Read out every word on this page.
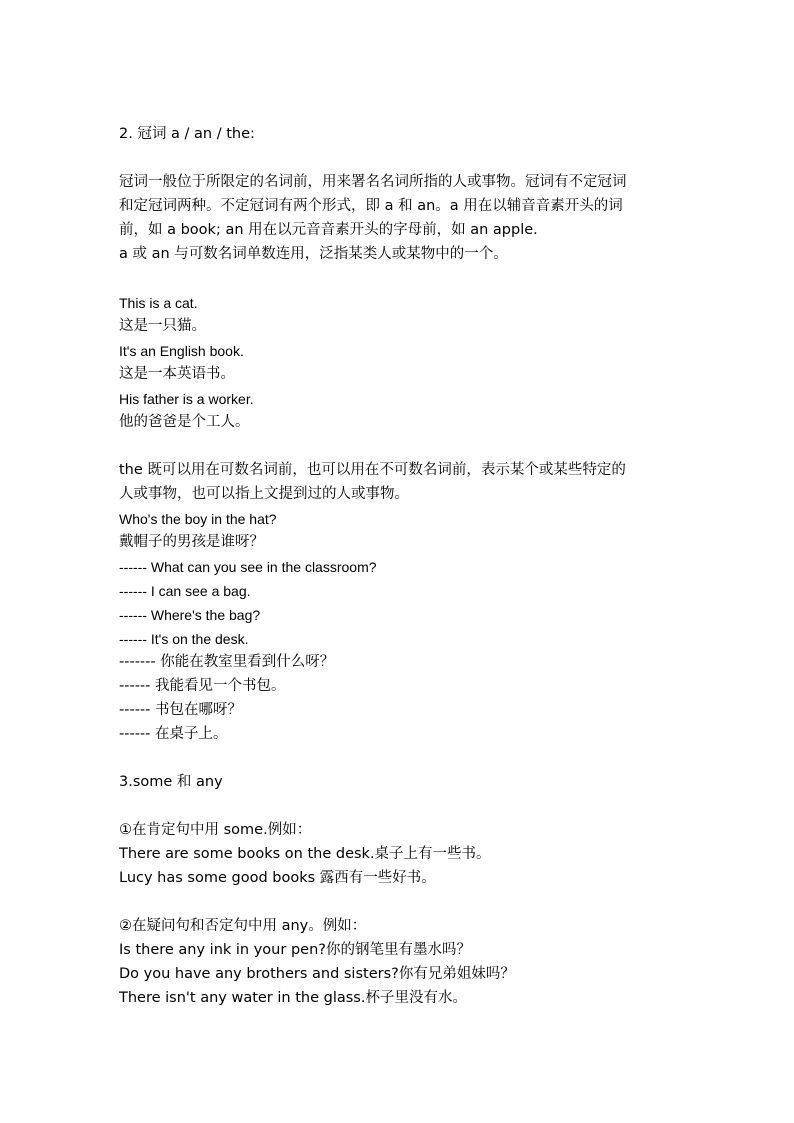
2. 冠词 a / an / the:
冠词一般位于所限定的名词前，用来署名名词所指的人或事物。冠词有不定冠词
和定冠词两种。不定冠词有两个形式，即 a 和 an。a 用在以辅音音素开头的词
前，如 a book; an 用在以元音音素开头的字母前，如 an apple.
a 或 an 与可数名词单数连用，泛指某类人或某物中的一个。
This is a cat.
这是一只猫。
It's an English book.
这是一本英语书。
His father is a worker.
他的爸爸是个工人。
the 既可以用在可数名词前，也可以用在不可数名词前，表示某个或某些特定的
人或事物，也可以指上文提到过的人或事物。
Who's the boy in the hat?
戴帽子的男孩是谁呀？
------ What can you see in the classroom?
------ I can see a bag.
------ Where's the bag?
------ It's on the desk.
------- 你能在教室里看到什么呀？
------ 我能看见一个书包。
------ 书包在哪呀？
------ 在桌子上。
3.some 和 any
①在肯定句中用 some.例如：
There are some books on the desk.桌子上有一些书。
Lucy has some good books 露西有一些好书。
②在疑问句和否定句中用 any。例如：
Is there any ink in your pen?你的钢笔里有墨水吗？
Do you have any brothers and sisters?你有兄弟姐妹吗？
There isn't any water in the glass.杯子里没有水。
